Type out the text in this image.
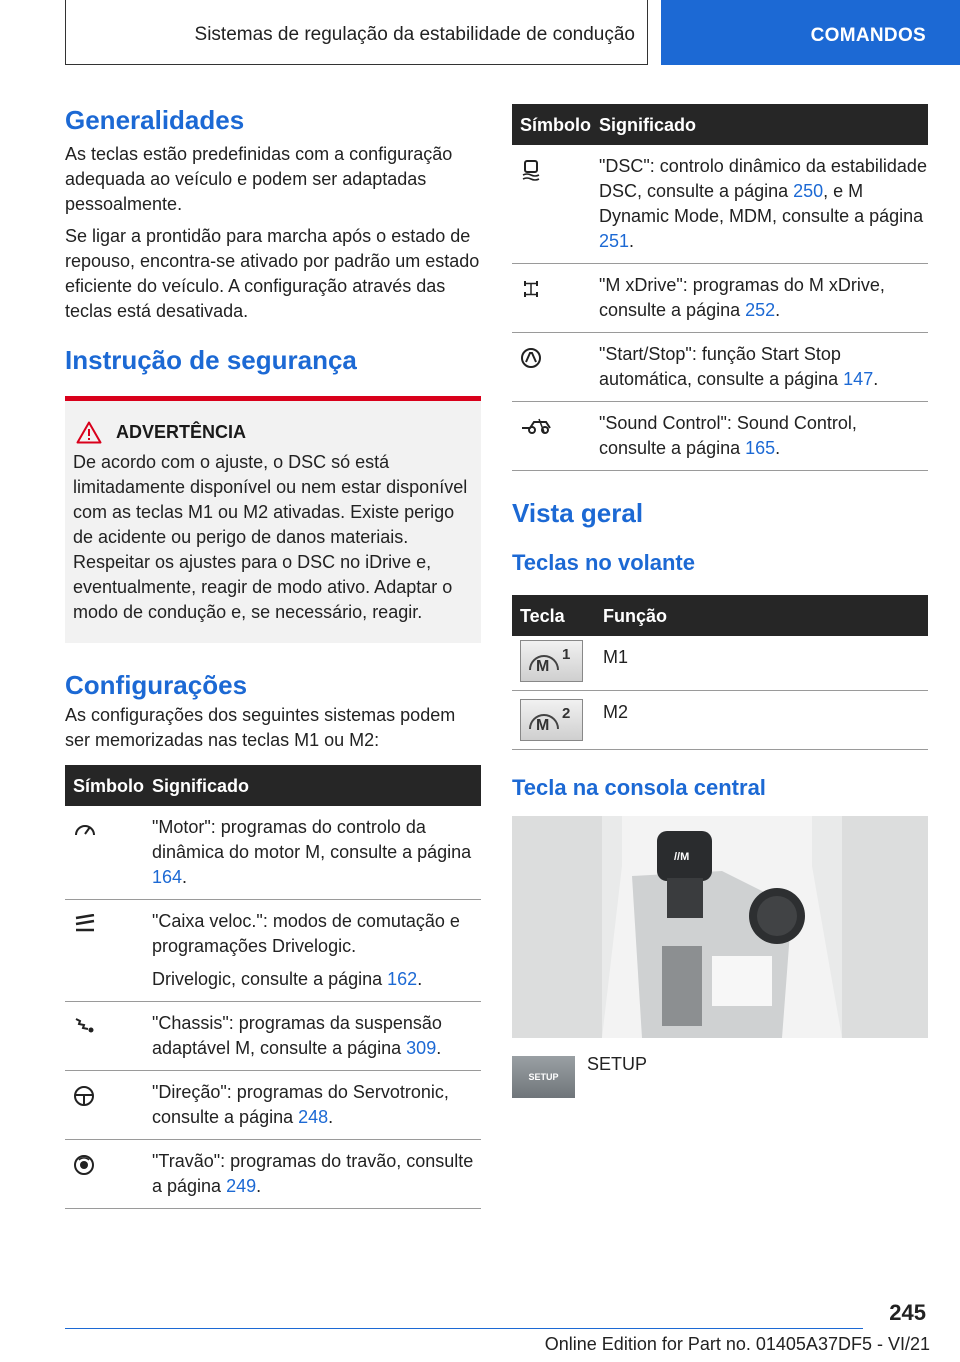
Sistemas de regulação da estabilidade de condução	COMANDOS
Generalidades

As teclas estão predefinidas com a configuração adequada ao veículo e podem ser adaptadas pessoalmente.

Se ligar a prontidão para marcha após o estado de repouso, encontra-se ativado por padrão um estado eficiente do veículo. A configuração através das teclas está desativada.

Instrução de segurança
ADVERTÊNCIA

De acordo com o ajuste, o DSC só está limitadamente disponível ou nem estar disponível com as teclas M1 ou M2 ativadas. Existe perigo de acidente ou perigo de danos materiais. Respeitar os ajustes para o DSC no iDrive e, eventualmente, reagir de modo ativo. Adaptar o modo de condução e, se necessário, reagir.

Configurações

As configurações dos seguintes sistemas podem ser memorizadas nas teclas M1 ou M2:

Símbolo	Significado

"Motor": programas do controlo da dinâmica do motor M, consulte a página 164.

"Caixa veloc.": modos de comutação e programações Drivelogic.

Drivelogic, consulte a página 162.

"Chassis": programas da suspensão adaptável M, consulte a página 309.

"Direção": programas do Servotronic, consulte a página 248.

"Travão": programas do travão, consulte a página 249.

Símbolo	Significado

"DSC": controlo dinâmico da estabilidade DSC, consulte a página 250, e M Dynamic Mode, MDM, consulte a página 251.

"M xDrive": programas do M xDrive, consulte a página 252.

"Start/Stop": função Start Stop automática, consulte a página 147.

"Sound Control": Sound Control, consulte a página 165.

Vista geral
Teclas no volante
Tecla	Função

M
1	M1

M
2	M2
Tecla na consola central
//M
SETUP
SETUP
245
Online Edition for Part no. 01405A37DF5 - VI/21
